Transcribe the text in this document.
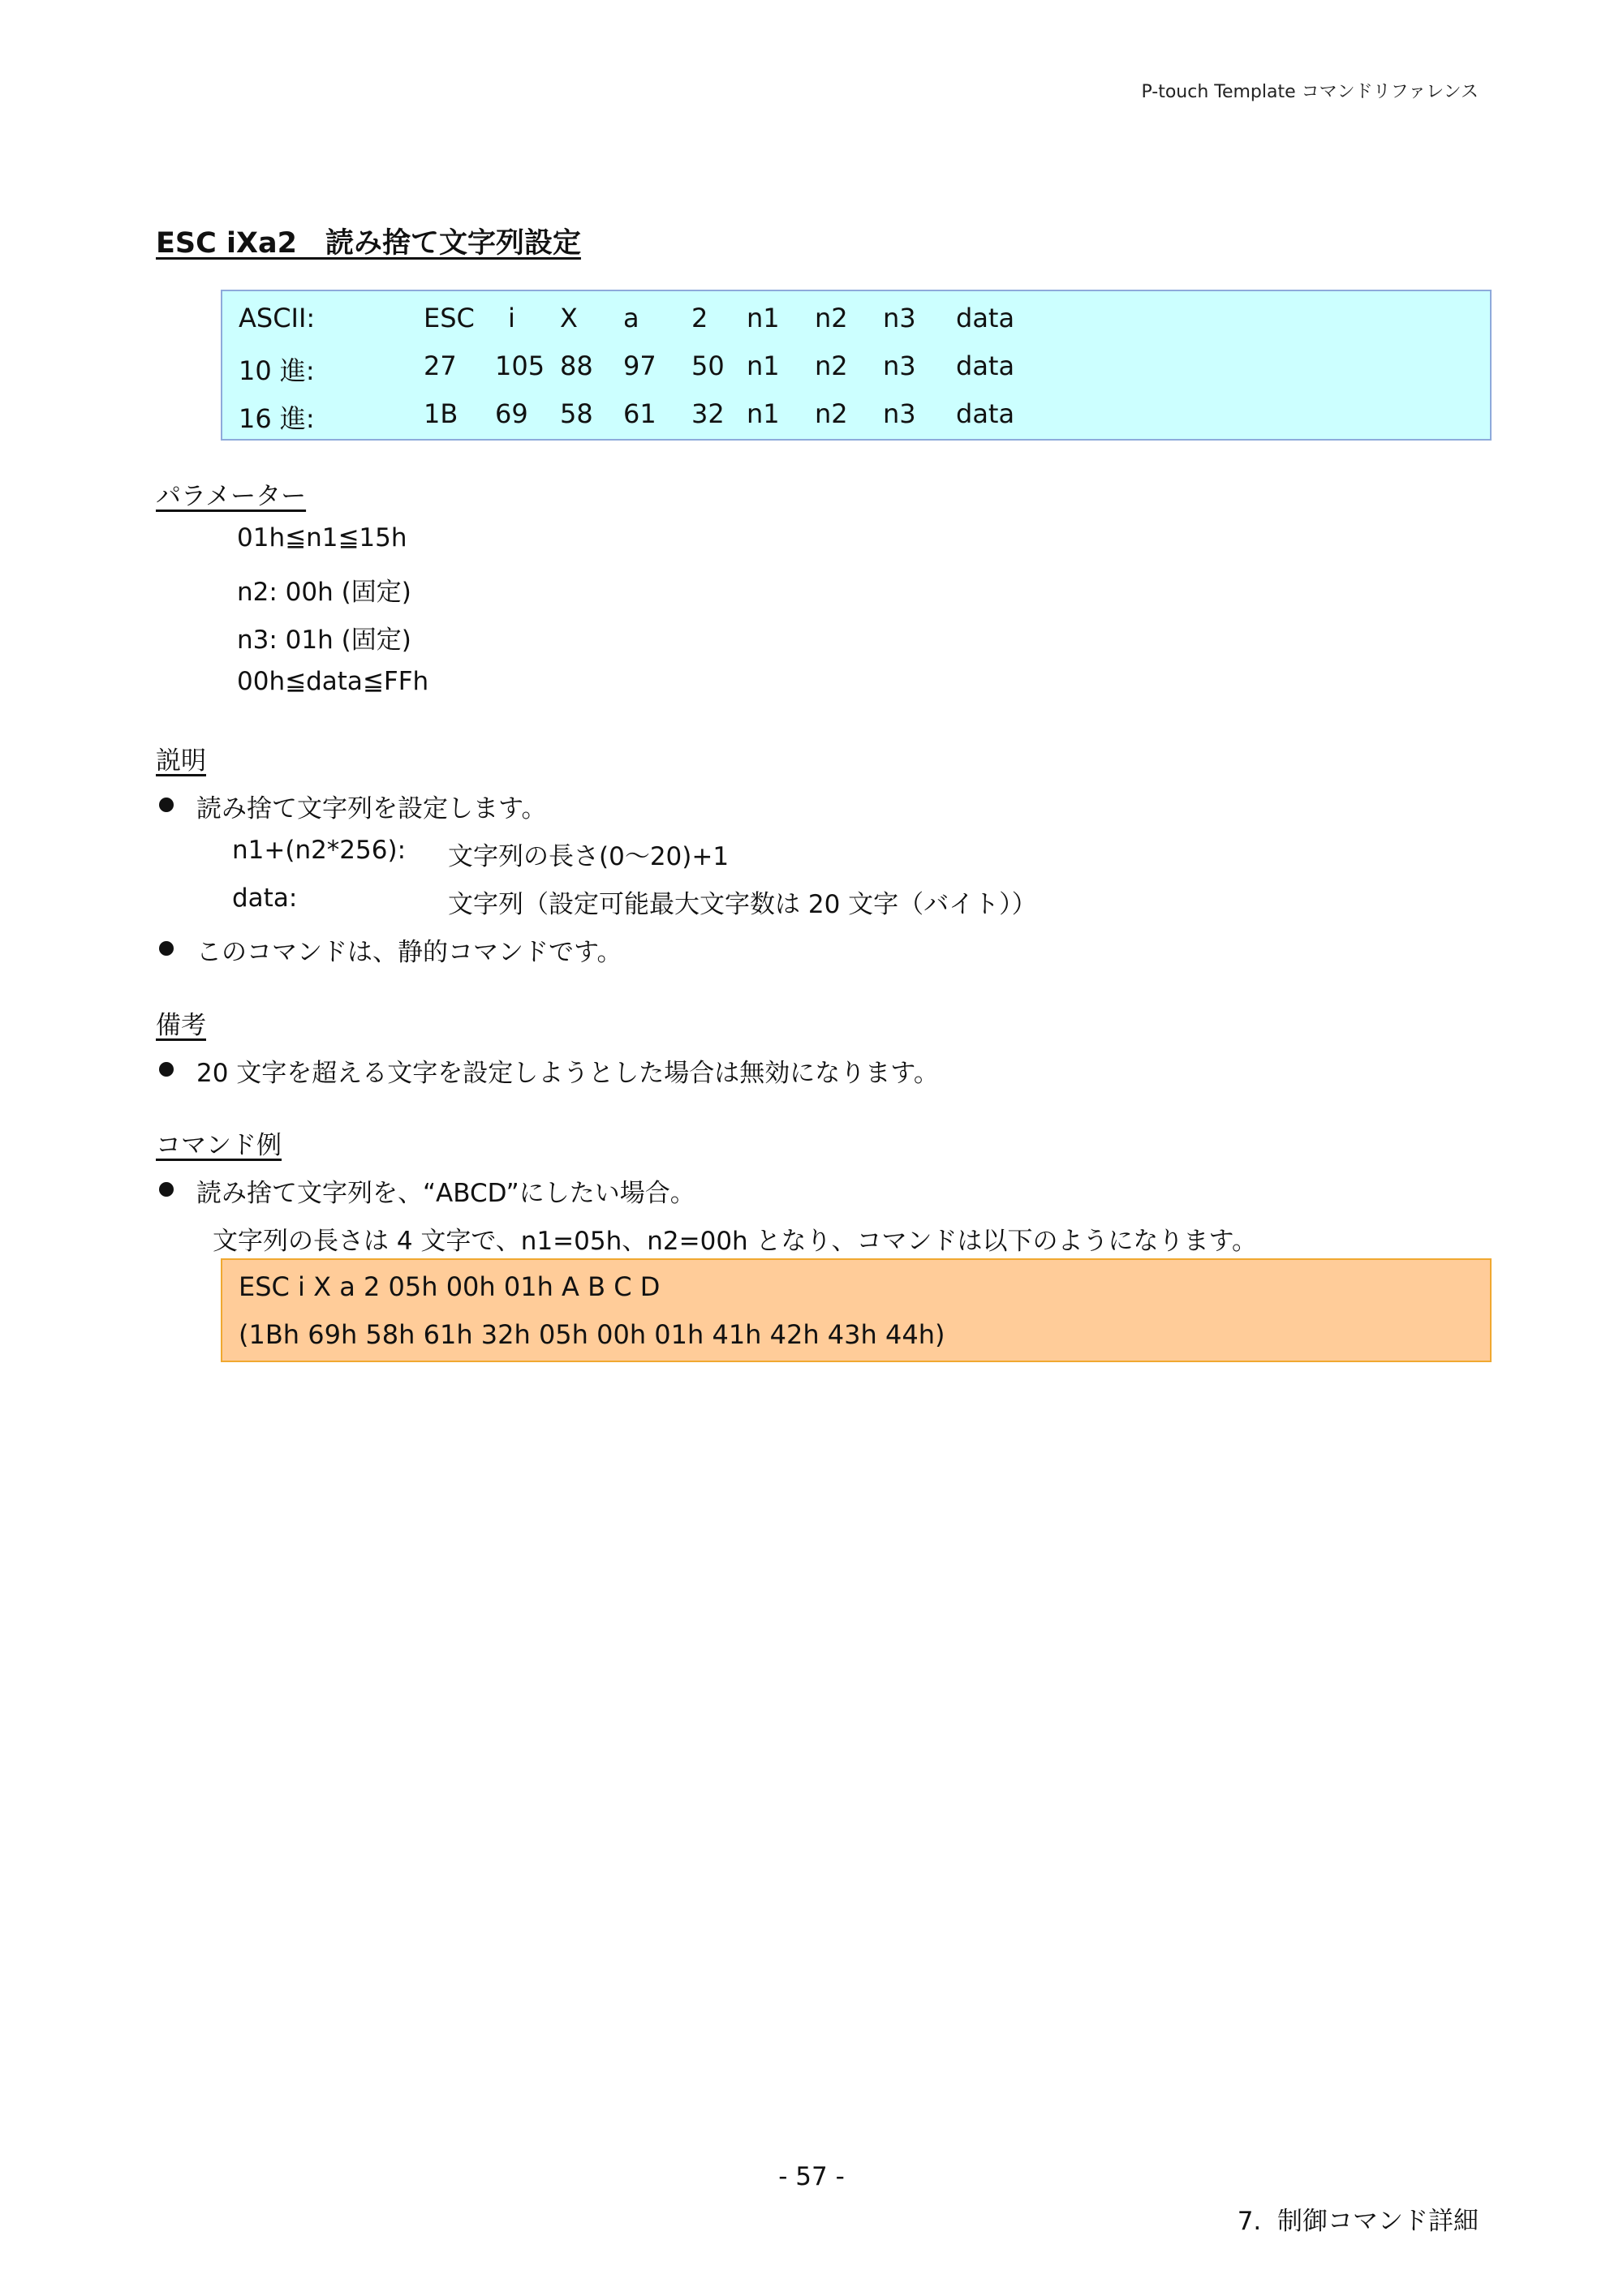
P-touch Template コマンドリファレンス
ESC iXa2　読み捨て文字列設定
ASCII:	ESC i X a 2 n1 n2 n3 data
10 進:	27 105 88 97 50 n1 n2 n3 data
16 進:	1B 69 58 61 32 n1 n2 n3 data
パラメーター
01h≦n1≦15h
n2: 00h (固定)
n3: 01h (固定)
00h≦data≦FFh
説明
読み捨て文字列を設定します。
n1+(n2*256): 文字列の長さ(0〜20)+1
data:	文字列（設定可能最大文字数は 20 文字（バイト））
このコマンドは、静的コマンドです。
備考
20 文字を超える文字を設定しようとした場合は無効になります。
コマンド例
読み捨て文字列を、“ABCD”にしたい場合。
文字列の長さは 4 文字で、n1=05h、n2=00h となり、コマンドは以下のようになります。
ESC i X a 2 05h 00h 01h A B C D
(1Bh 69h 58h 61h 32h 05h 00h 01h 41h 42h 43h 44h)
- 57 -
7.  制御コマンド詳細
